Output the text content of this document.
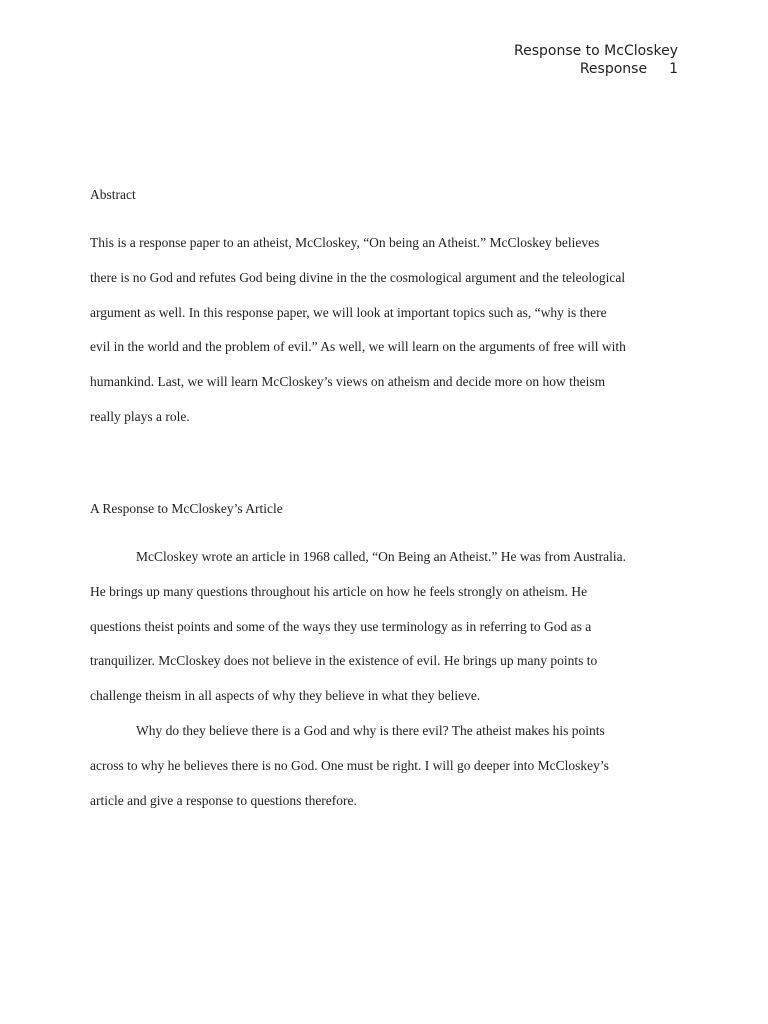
Response to McCloskey
Response 1
Abstract
This is a response paper to an atheist, McCloskey, “On being an Atheist.” McCloskey believes
there is no God and refutes God being divine in the the cosmological argument and the teleological
argument as well. In this response paper, we will look at important topics such as, “why is there
evil in the world and the problem of evil.” As well, we will learn on the arguments of free will with
humankind. Last, we will learn McCloskey’s views on atheism and decide more on how theism
really plays a role.
A Response to McCloskey’s Article
McCloskey wrote an article in 1968 called, “On Being an Atheist.” He was from Australia.
He brings up many questions throughout his article on how he feels strongly on atheism. He
questions theist points and some of the ways they use terminology as in referring to God as a
tranquilizer. McCloskey does not believe in the existence of evil. He brings up many points to
challenge theism in all aspects of why they believe in what they believe.
Why do they believe there is a God and why is there evil? The atheist makes his points
across to why he believes there is no God. One must be right. I will go deeper into McCloskey’s
article and give a response to questions therefore.
